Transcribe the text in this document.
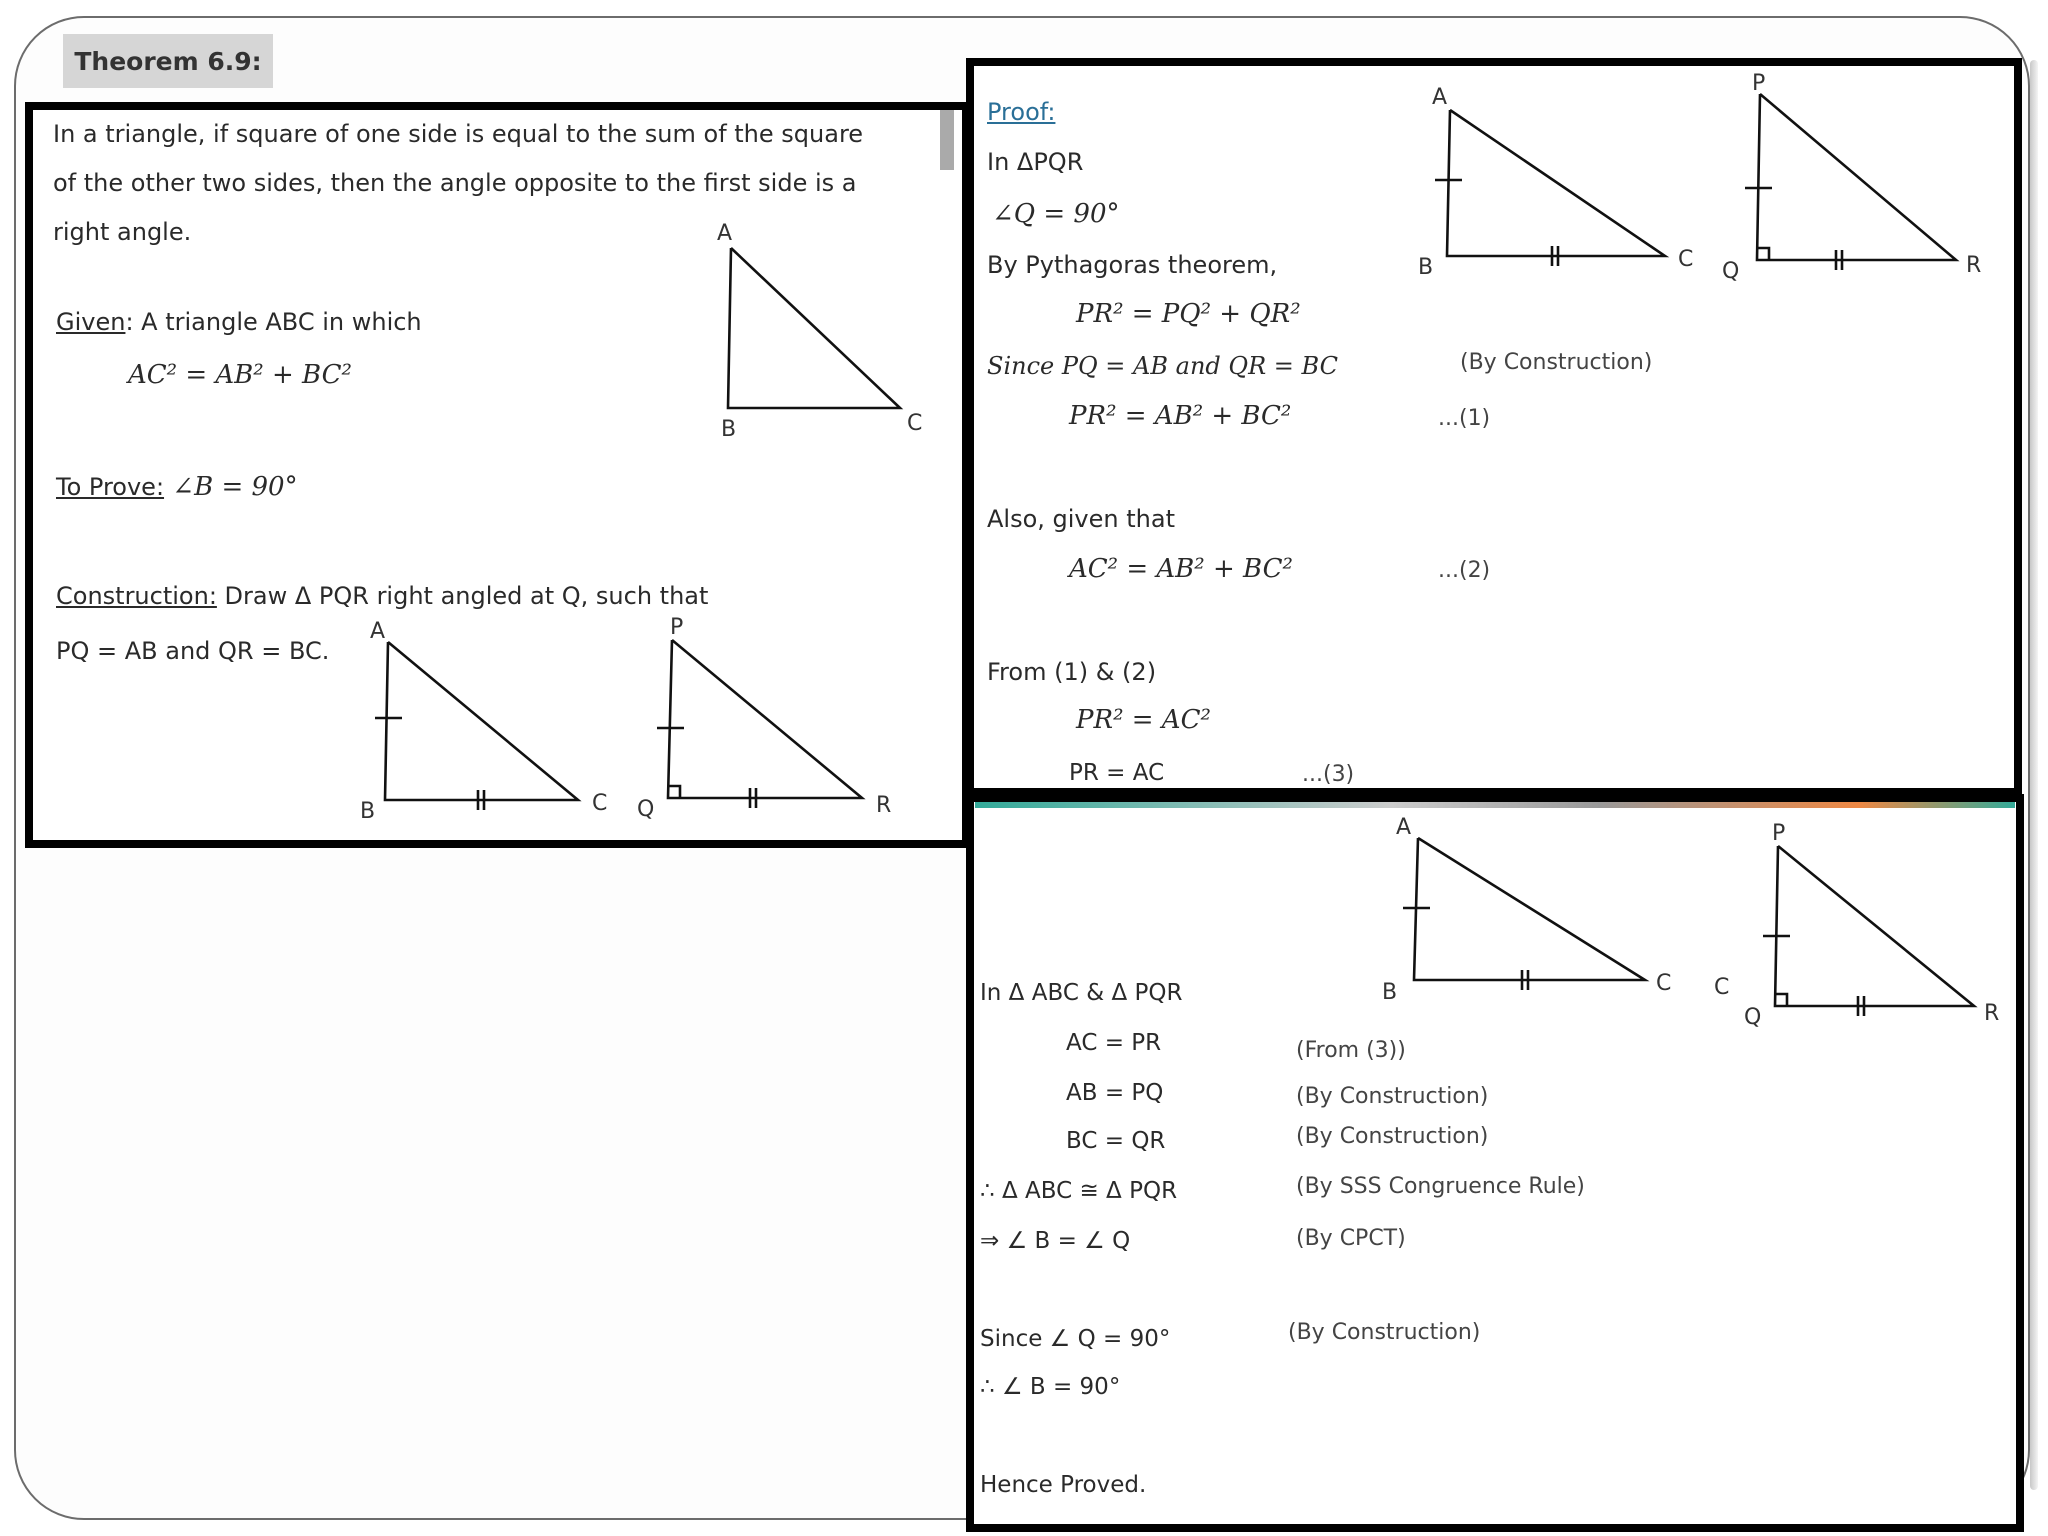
Theorem 6.9:
In a triangle, if square of one side is equal to the sum of the square
of the other two sides, then the angle opposite to the first side is a
right angle.
Given: A triangle ABC in which
AC² = AB² + BC²
To Prove: ∠B = 90°
Construction: Draw Δ PQR right angled at Q, such that
PQ = AB and QR = BC.
A
B	C
A
B	C
P
Q	R
Proof:
In ΔPQR
∠Q = 90°
By Pythagoras theorem,
PR² = PQ² + QR²
Since PQ = AB and QR = BC	(By Construction)
PR² = AB² + BC²	...(1)
Also, given that
AC² = AB² + BC²	...(2)
From (1) & (2)
PR² = AC²
PR = AC	...(3)
A
B	C
P
Q	R
In Δ ABC & Δ PQR
AC = PR	(From (3))
AB = PQ	(By Construction)
BC = QR	(By Construction)
∴ Δ ABC ≅ Δ PQR	(By SSS Congruence Rule)
⇒ ∠ B = ∠ Q	(By CPCT)
Since ∠ Q = 90°	(By Construction)
∴ ∠ B = 90°
Hence Proved.
A
B	C C
P
Q	R
